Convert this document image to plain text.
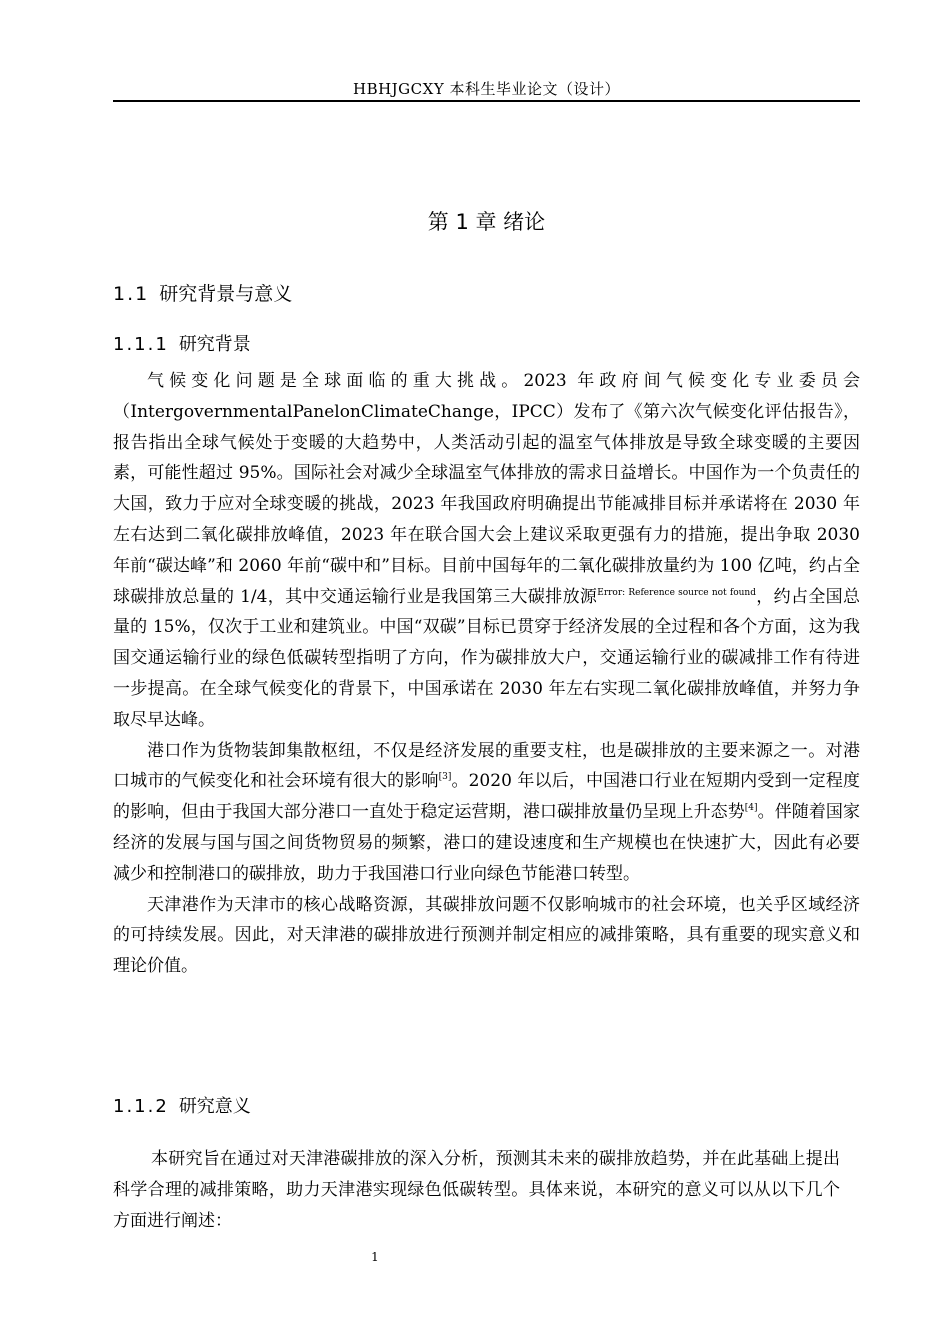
HBHJGCXY 本科生毕业论文（设计）
第 1 章 绪论
1.1 研究背景与意义
1.1.1 研究背景

气候变化问题是全球面临的重大挑战。2023 年政府间气候变化专业委员会（IntergovernmentalPanelonClimateChange，IPCC）发布了《第六次气候变化评估报告》，报告指出全球气候处于变暖的大趋势中，人类活动引起的温室气体排放是导致全球变暖的主要因素，可能性超过 95%。国际社会对减少全球温室气体排放的需求日益增长。中国作为一个负责任的大国，致力于应对全球变暖的挑战，2023 年我国政府明确提出节能减排目标并承诺将在 2030 年左右达到二氧化碳排放峰值，2023 年在联合国大会上建议采取更强有力的措施，提出争取 2030 年前“碳达峰”和 2060 年前“碳中和”目标。目前中国每年的二氧化碳排放量约为 100 亿吨，约占全球碳排放总量的 1/4，其中交通运输行业是我国第三大碳排放源$^{Error: Reference source not found}$，约占全国总量的 15%，仅次于工业和建筑业。中国“双碳”目标已贯穿于经济发展的全过程和各个方面，这为我国交通运输行业的绿色低碳转型指明了方向，作为碳排放大户，交通运输行业的碳减排工作有待进一步提高。在全球气候变化的背景下，中国承诺在 2030 年左右实现二氧化碳排放峰值，并努力争取尽早达峰。

港口作为货物装卸集散枢纽，不仅是经济发展的重要支柱，也是碳排放的主要来源之一。对港口城市的气候变化和社会环境有很大的影响[3]。2020 年以后，中国港口行业在短期内受到一定程度的影响，但由于我国大部分港口一直处于稳定运营期，港口碳排放量仍呈现上升态势[4]。伴随着国家经济的发展与国与国之间货物贸易的频繁，港口的建设速度和生产规模也在快速扩大，因此有必要减少和控制港口的碳排放，助力于我国港口行业向绿色节能港口转型。

天津港作为天津市的核心战略资源，其碳排放问题不仅影响城市的社会环境，也关乎区域经济的可持续发展。因此，对天津港的碳排放进行预测并制定相应的减排策略，具有重要的现实意义和理论价值。

1.1.2 研究意义

本研究旨在通过对天津港碳排放的深入分析，预测其未来的碳排放趋势，并在此基础上提出科学合理的减排策略，助力天津港实现绿色低碳转型。具体来说，本研究的意义可以从以下几个方面进行阐述：

1
